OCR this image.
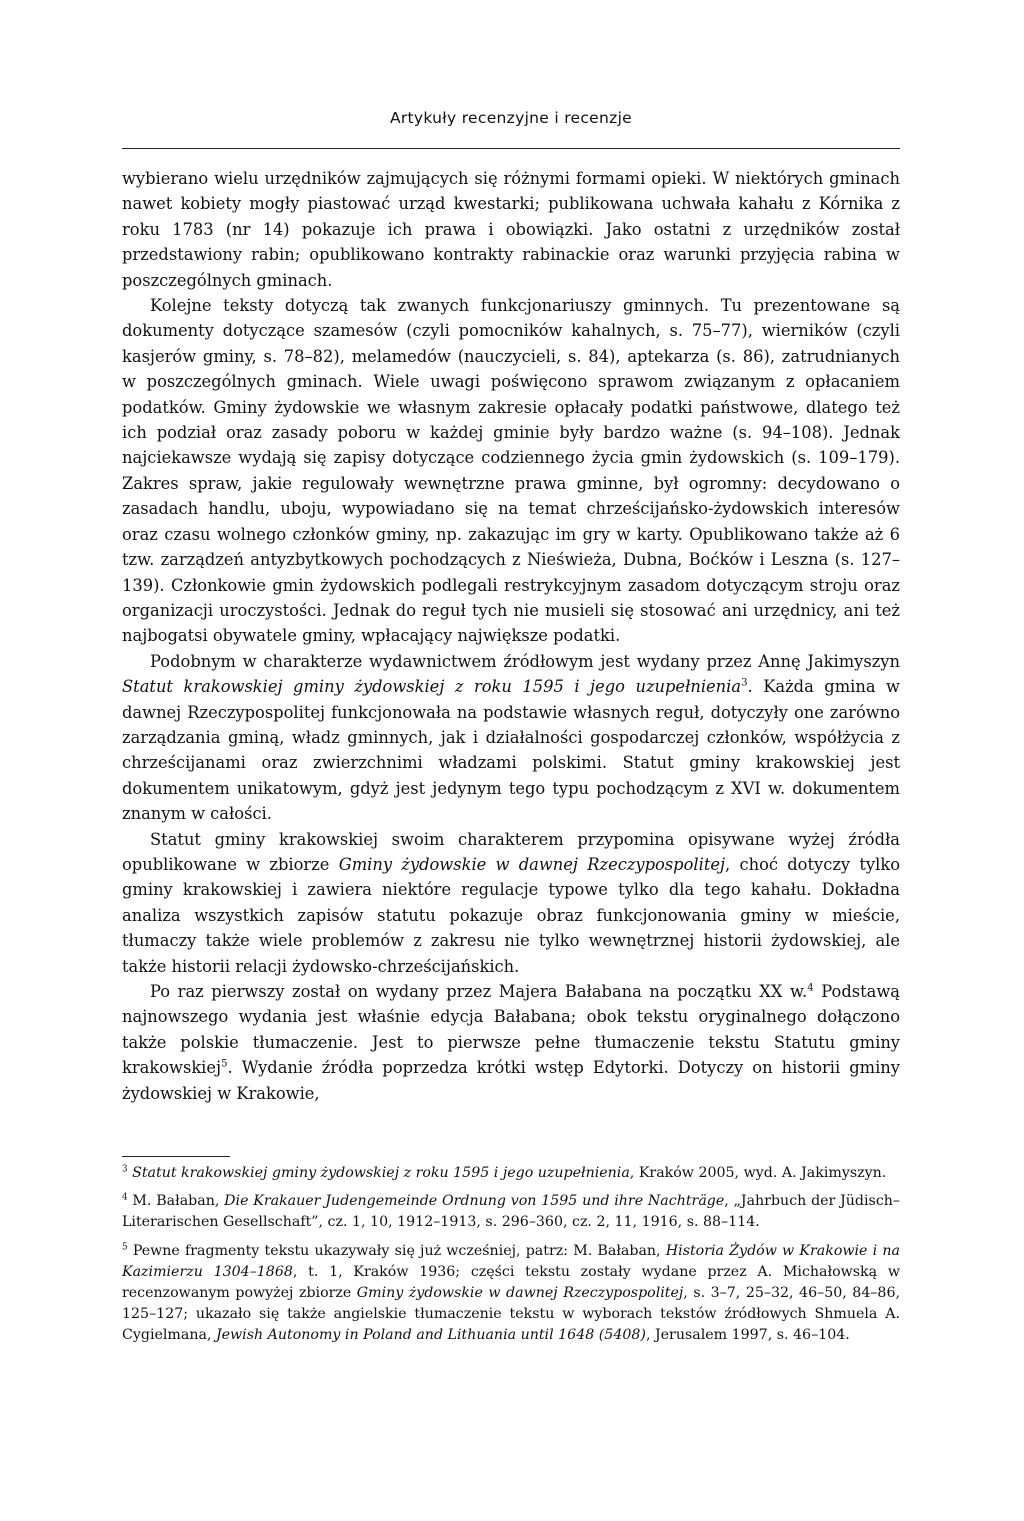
Artykuły recenzyjne i recenzje

wybierano wielu urzędników zajmujących się różnymi formami opieki. W niektórych gminach nawet kobiety mogły piastować urząd kwestarki; publikowana uchwała kahału z Kórnika z roku 1783 (nr 14) pokazuje ich prawa i obowiązki. Jako ostatni z urzędników został przedstawiony rabin; opublikowano kontrakty rabinackie oraz warunki przyjęcia rabina w poszczególnych gminach.

Kolejne teksty dotyczą tak zwanych funkcjonariuszy gminnych. Tu prezentowane są dokumenty dotyczące szamesów (czyli pomocników kahalnych, s. 75–77), wierników (czyli kasjerów gminy, s. 78–82), melamedów (nauczycieli, s. 84), aptekarza (s. 86), zatrudnianych w poszczególnych gminach. Wiele uwagi poświęcono sprawom związanym z opłacaniem podatków. Gminy żydowskie we własnym zakresie opłacały podatki państwowe, dlatego też ich podział oraz zasady poboru w każdej gminie były bardzo ważne (s. 94–108). Jednak najciekawsze wydają się zapisy dotyczące codziennego życia gmin żydowskich (s. 109–179). Zakres spraw, jakie regulowały wewnętrzne prawa gminne, był ogromny: decydowano o zasadach handlu, uboju, wypowiadano się na temat chrześcijańsko-żydowskich interesów oraz czasu wolnego członków gminy, np. zakazując im gry w karty. Opublikowano także aż 6 tzw. zarządzeń antyzbytkowych pochodzących z Nieświeża, Dubna, Boćków i Leszna (s. 127–139). Członkowie gmin żydowskich podlegali restrykcyjnym zasadom dotyczącym stroju oraz organizacji uroczystości. Jednak do reguł tych nie musieli się stosować ani urzędnicy, ani też najbogatsi obywatele gminy, wpłacający największe podatki.

Podobnym w charakterze wydawnictwem źródłowym jest wydany przez Annę Jakimyszyn Statut krakowskiej gminy żydowskiej z roku 1595 i jego uzupełnienia$^3$. Każda gmina w dawnej Rzeczypospolitej funkcjonowała na podstawie własnych reguł, dotyczyły one zarówno zarządzania gminą, władz gminnych, jak i działalności gospodarczej członków, współżycia z chrześcijanami oraz zwierzchnimi władzami polskimi. Statut gminy krakowskiej jest dokumentem unikatowym, gdyż jest jedynym tego typu pochodzącym z XVI w. dokumentem znanym w całości.

Statut gminy krakowskiej swoim charakterem przypomina opisywane wyżej źródła opublikowane w zbiorze Gminy żydowskie w dawnej Rzeczypospolitej, choć dotyczy tylko gminy krakowskiej i zawiera niektóre regulacje typowe tylko dla tego kahału. Dokładna analiza wszystkich zapisów statutu pokazuje obraz funkcjonowania gminy w mieście, tłumaczy także wiele problemów z zakresu nie tylko wewnętrznej historii żydowskiej, ale także historii relacji żydowsko-chrześcijańskich.

Po raz pierwszy został on wydany przez Majera Bałabana na początku XX w.$^4$ Podstawą najnowszego wydania jest właśnie edycja Bałabana; obok tekstu oryginalnego dołączono także polskie tłumaczenie. Jest to pierwsze pełne tłumaczenie tekstu Statutu gminy krakowskiej$^5$. Wydanie źródła poprzedza krótki wstęp Edytorki. Dotyczy on historii gminy żydowskiej w Krakowie,

$^3$ Statut krakowskiej gminy żydowskiej z roku 1595 i jego uzupełnienia, Kraków 2005, wyd. A. Jakimyszyn.

$^4$ M. Bałaban, Die Krakauer Judengemeinde Ordnung von 1595 und ihre Nachträge, „Jahrbuch der Jüdisch–Literarischen Gesellschaft”, cz. 1, 10, 1912–1913, s. 296–360, cz. 2, 11, 1916, s. 88–114.

$^5$ Pewne fragmenty tekstu ukazywały się już wcześniej, patrz: M. Bałaban, Historia Żydów w Krakowie i na Kazimierzu 1304–1868, t. 1, Kraków 1936; części tekstu zostały wydane przez A. Michałowską w recenzowanym powyżej zbiorze Gminy żydowskie w dawnej Rzeczypospolitej, s. 3–7, 25–32, 46–50, 84–86, 125–127; ukazało się także angielskie tłumaczenie tekstu w wyborach tekstów źródłowych Shmuela A. Cygielmana, Jewish Autonomy in Poland and Lithuania until 1648 (5408), Jerusalem 1997, s. 46–104.
